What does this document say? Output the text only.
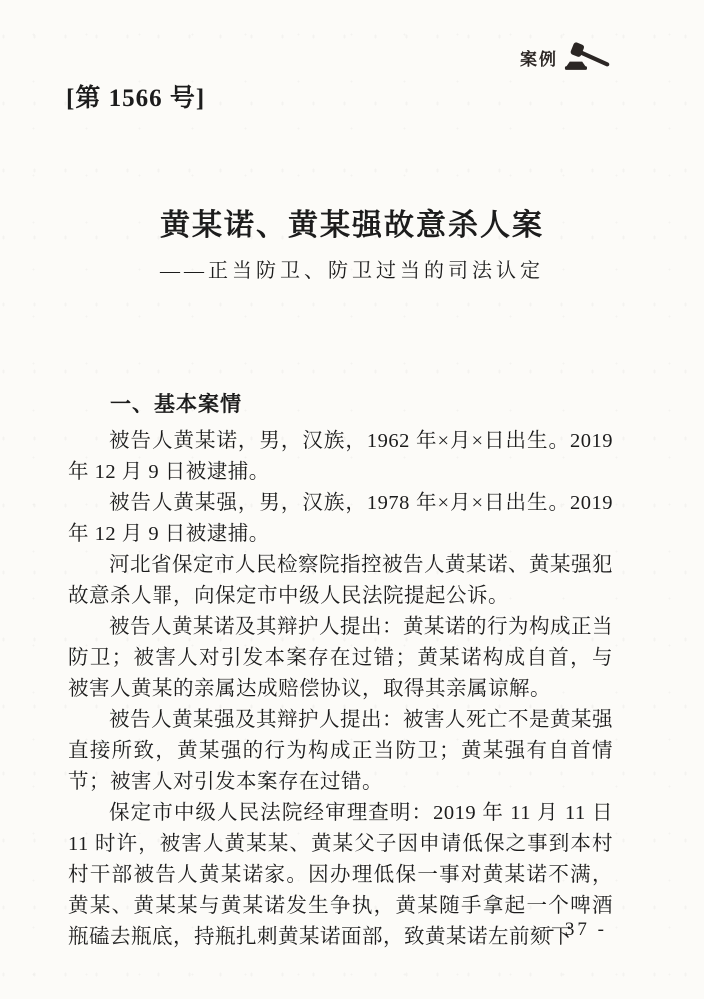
案例
[第 1566 号]
黄某诺、黄某强故意杀人案
——正当防卫、防卫过当的司法认定
一、基本案情

被告人黄某诺，男，汉族，1962 年×月×日出生。2019 年 12 月 9 日被逮捕。

被告人黄某强，男，汉族，1978 年×月×日出生。2019 年 12 月 9 日被逮捕。

河北省保定市人民检察院指控被告人黄某诺、黄某强犯故意杀人罪，向保定市中级人民法院提起公诉。

被告人黄某诺及其辩护人提出：黄某诺的行为构成正当防卫；被害人对引发本案存在过错；黄某诺构成自首，与被害人黄某的亲属达成赔偿协议，取得其亲属谅解。

被告人黄某强及其辩护人提出：被害人死亡不是黄某强直接所致，黄某强的行为构成正当防卫；黄某强有自首情节；被害人对引发本案存在过错。

保定市中级人民法院经审理查明：2019 年 11 月 11 日 11 时许，被害人黄某某、黄某父子因申请低保之事到本村村干部被告人黄某诺家。因办理低保一事对黄某诺不满，黄某、黄某某与黄某诺发生争执，黄某随手拿起一个啤酒瓶磕去瓶底，持瓶扎刺黄某诺面部，致黄某诺左前颏下

- 37 -
